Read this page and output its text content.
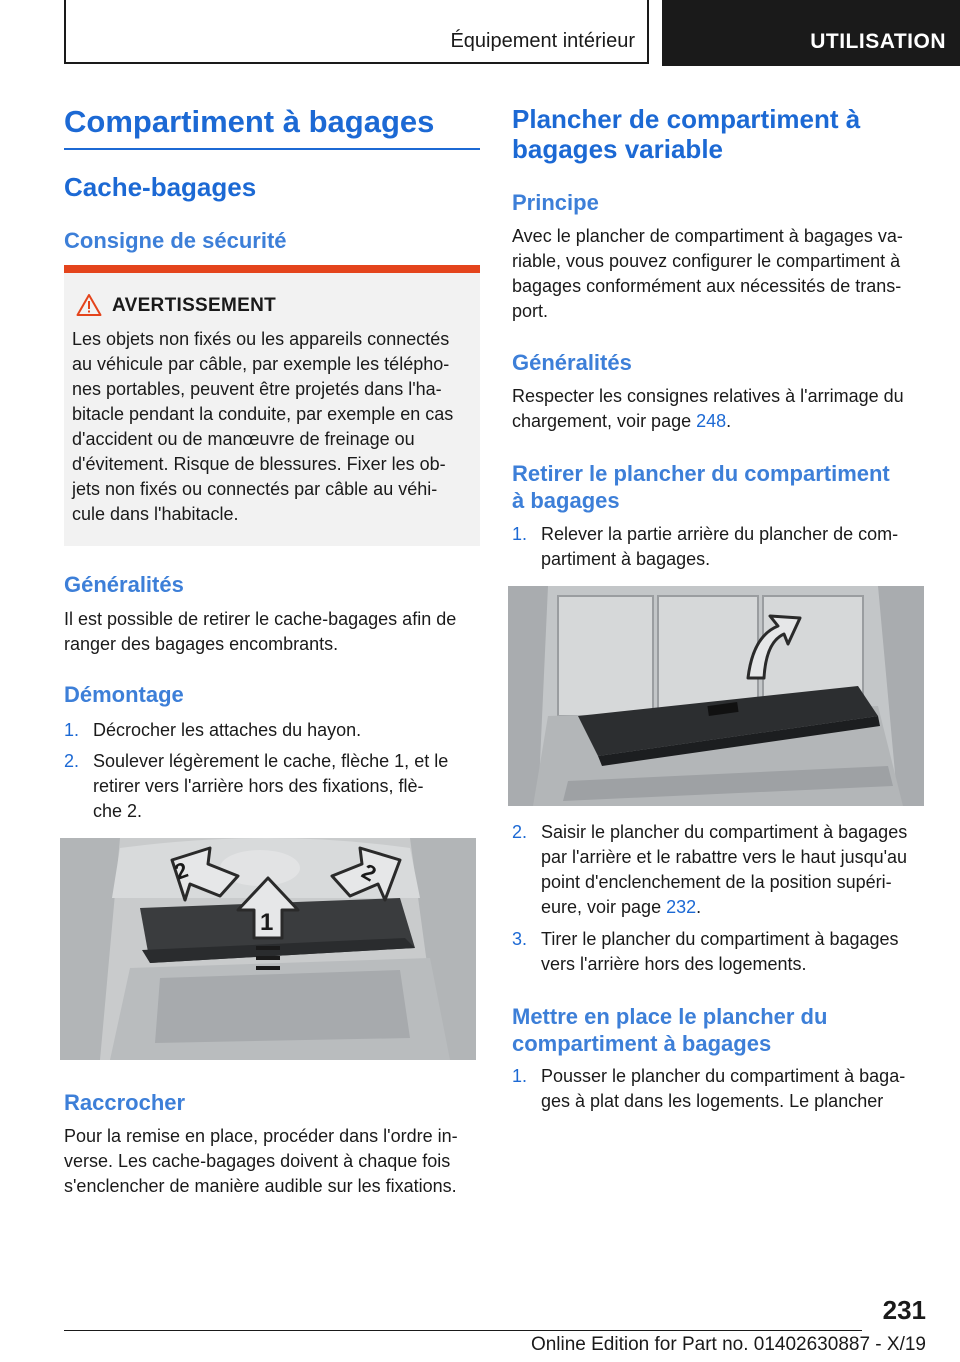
Équipement intérieur	UTILISATION
Compartiment à bagages
Cache-bagages
Consigne de sécurité
AVERTISSEMENT

Les objets non fixés ou les appareils connectés
au véhicule par câble, par exemple les télépho-
nes portables, peuvent être projetés dans l'ha-
bitacle pendant la conduite, par exemple en cas
d'accident ou de manœuvre de freinage ou
d'évitement. Risque de blessures. Fixer les ob-
jets non fixés ou connectés par câble au véhi-
cule dans l'habitacle.

Généralités

Il est possible de retirer le cache-bagages afin de
ranger des bagages encombrants.

Démontage
1. Décrocher les attaches du hayon.

2. Soulever légèrement le cache, flèche 1, et le
retirer vers l'arrière hors des fixations, flè-
che 2.

2
1
2
Raccrocher

Pour la remise en place, procéder dans l'ordre in-
verse. Les cache-bagages doivent à chaque fois
s'enclencher de manière audible sur les fixations.

Plancher de compartiment à
bagages variable
Principe

Avec le plancher de compartiment à bagages va-
riable, vous pouvez configurer le compartiment à
bagages conformément aux nécessités de trans-
port.

Généralités

Respecter les consignes relatives à l'arrimage du
chargement, voir page 248.

Retirer le plancher du compartiment
à bagages
1. Relever la partie arrière du plancher de com-
partiment à bagages.

2. Saisir le plancher du compartiment à bagages
par l'arrière et le rabattre vers le haut jusqu'au
point d'enclenchement de la position supéri-
eure, voir page 232.

3. Tirer le plancher du compartiment à bagages
vers l'arrière hors des logements.

Mettre en place le plancher du
compartiment à bagages
1. Pousser le plancher du compartiment à baga-
ges à plat dans les logements. Le plancher

231
Online Edition for Part no. 01402630887 - X/19
